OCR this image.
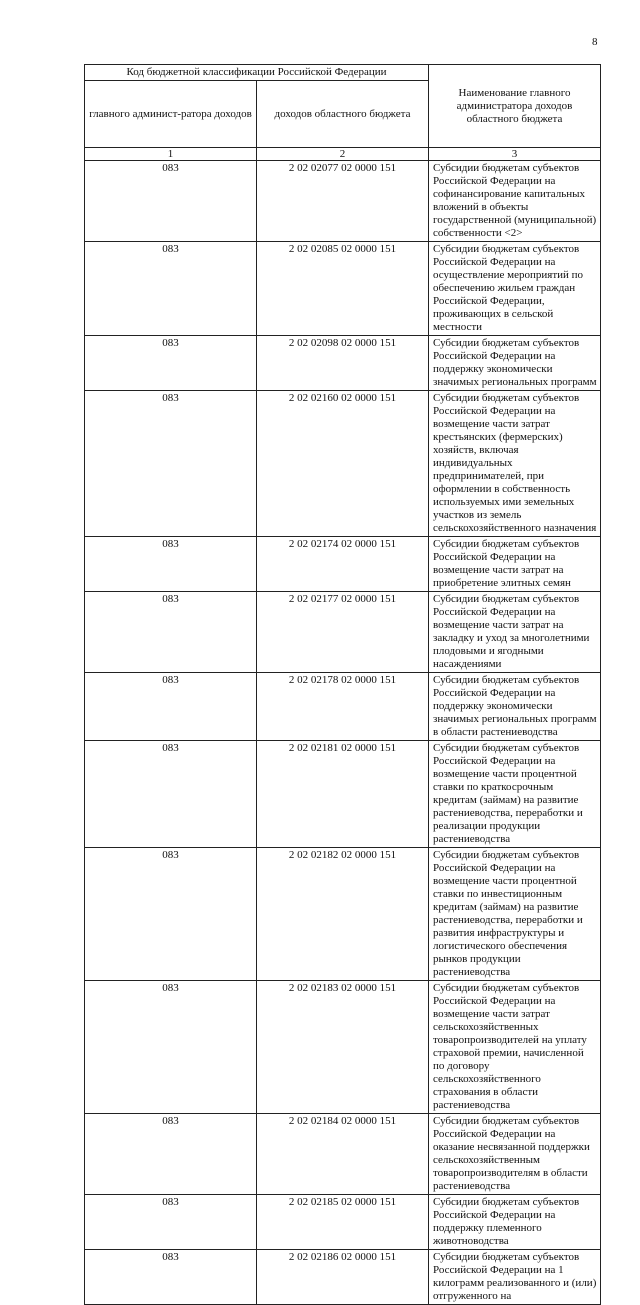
8
Код бюджетной классификации Российской Федерации		Наименование главного администратора доходов областного бюджета
главного админист-ратора доходов	доходов областного бюджета	
1	2	3
083	2 02 02077 02 0000 151	Субсидии бюджетам субъектов Российской Федерации на софинансирование капитальных вложений в объекты государственной (муниципальной) собственности <2>
083	2 02 02085 02 0000 151	Субсидии бюджетам субъектов Российской Федерации на осуществление мероприятий по обеспечению жильем граждан Российской Федерации, проживающих в сельской местности
083	2 02 02098 02 0000 151	Субсидии бюджетам субъектов Российской Федерации на поддержку экономически значимых региональных программ
083	2 02 02160 02 0000 151	Субсидии бюджетам субъектов Российской Федерации на возмещение части затрат крестьянских (фермерских) хозяйств, включая индивидуальных предпринимателей, при оформлении в собственность используемых ими земельных участков из земель сельскохозяйственного назначения
083	2 02 02174 02 0000 151	Субсидии бюджетам субъектов Российской Федерации на возмещение части затрат на приобретение элитных семян
083	2 02 02177 02 0000 151	Субсидии бюджетам субъектов Российской Федерации на возмещение части затрат на закладку и уход за многолетними плодовыми и ягодными насаждениями
083	2 02 02178 02 0000 151	Субсидии бюджетам субъектов Российской Федерации на поддержку экономически значимых региональных программ в области растениеводства
083	2 02 02181 02 0000 151	Субсидии бюджетам субъектов Российской Федерации на возмещение части процентной ставки по краткосрочным кредитам (займам) на развитие растениеводства, переработки и реализации продукции растениеводства
083	2 02 02182 02 0000 151	Субсидии бюджетам субъектов Российской Федерации на возмещение части процентной ставки по инвестиционным кредитам (займам) на развитие растениеводства, переработки и развития инфраструктуры и логистического обеспечения рынков продукции растениеводства
083	2 02 02183 02 0000 151	Субсидии бюджетам субъектов Российской Федерации на возмещение части затрат сельскохозяйственных товаропроизводителей на уплату страховой премии, начисленной по договору сельскохозяйственного страхования в области растениеводства
083	2 02 02184 02 0000 151	Субсидии бюджетам субъектов Российской Федерации на оказание несвязанной поддержки сельскохозяйственным товаропроизводителям в области растениеводства
083	2 02 02185 02 0000 151	Субсидии бюджетам субъектов Российской Федерации на поддержку племенного животноводства
083	2 02 02186 02 0000 151	Субсидии бюджетам субъектов Российской Федерации на 1 килограмм реализованного и (или) отгруженного на
